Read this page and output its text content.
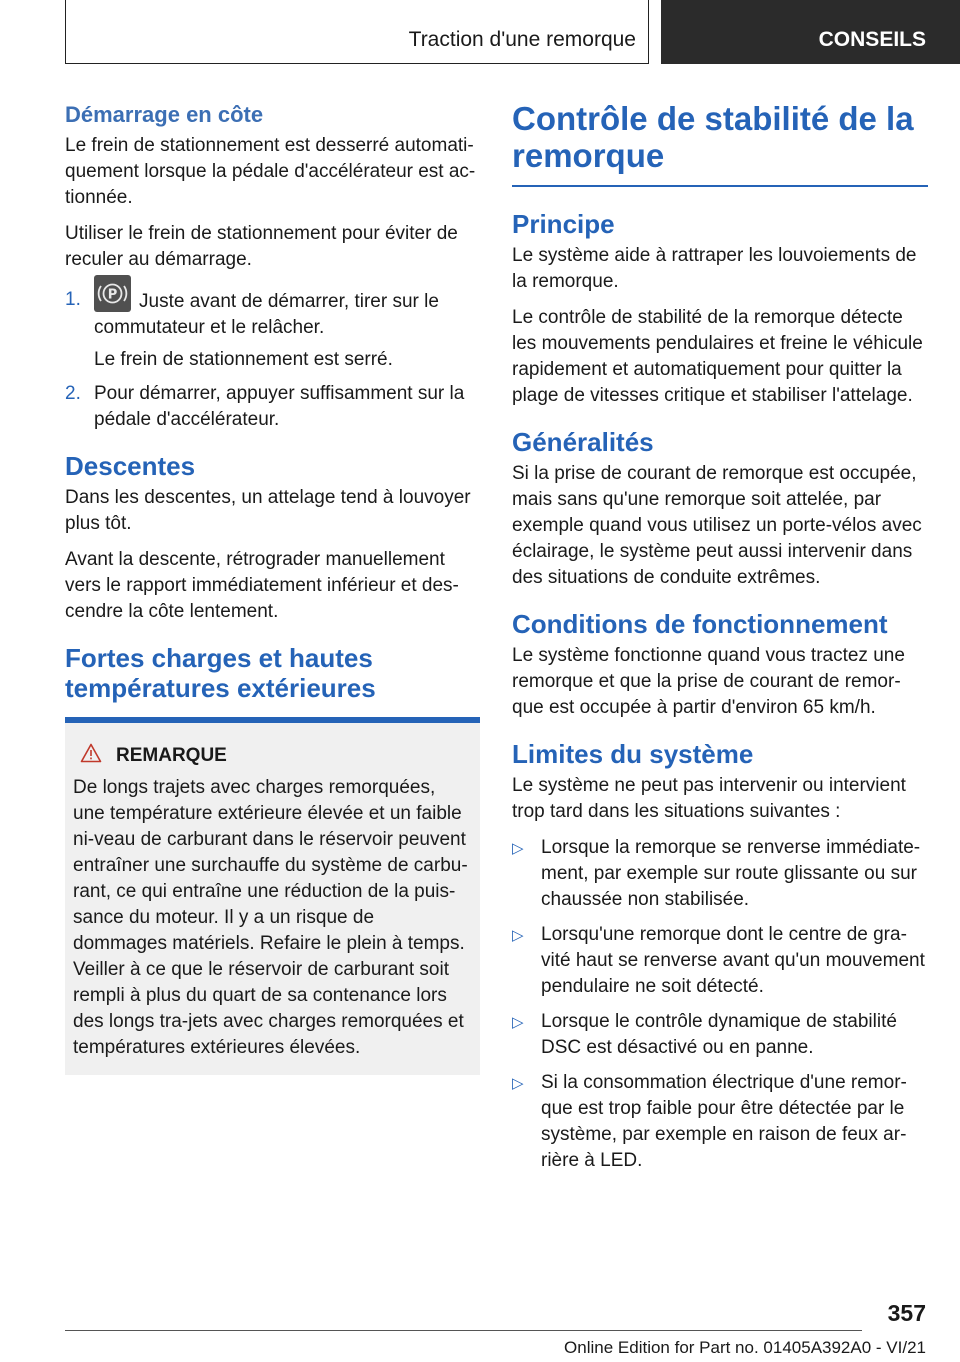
Traction d'une remorque	CONSEILS
Démarrage en côte

Le frein de stationnement est desserré automati-quement lorsque la pédale d'accélérateur est ac-tionnée.

Utiliser le frein de stationnement pour éviter de reculer au démarrage.

1. P Juste avant de démarrer, tirer sur le commutateur et le relâcher.

Le frein de stationnement est serré.

2. Pour démarrer, appuyer suffisamment sur la pédale d'accélérateur.

Descentes

Dans les descentes, un attelage tend à louvoyer plus tôt.

Avant la descente, rétrograder manuellement vers le rapport immédiatement inférieur et des-cendre la côte lentement.

Fortes charges et hautes températures extérieures
REMARQUE

De longs trajets avec charges remorquées, une température extérieure élevée et un faible ni-veau de carburant dans le réservoir peuvent entraîner une surchauffe du système de carbu-rant, ce qui entraîne une réduction de la puis-sance du moteur. Il y a un risque de dommages matériels. Refaire le plein à temps. Veiller à ce que le réservoir de carburant soit rempli à plus du quart de sa contenance lors des longs tra-jets avec charges remorquées et températures extérieures élevées.

Contrôle de stabilité de la remorque
Principe

Le système aide à rattraper les louvoiements de la remorque.

Le contrôle de stabilité de la remorque détecte les mouvements pendulaires et freine le véhicule rapidement et automatiquement pour quitter la plage de vitesses critique et stabiliser l'attelage.

Généralités

Si la prise de courant de remorque est occupée, mais sans qu'une remorque soit attelée, par exemple quand vous utilisez un porte-vélos avec éclairage, le système peut aussi intervenir dans des situations de conduite extrêmes.

Conditions de fonctionnement

Le système fonctionne quand vous tractez une remorque et que la prise de courant de remor-que est occupée à partir d'environ 65 km/h.

Limites du système

Le système ne peut pas intervenir ou intervient trop tard dans les situations suivantes :

▷ Lorsque la remorque se renverse immédiate-ment, par exemple sur route glissante ou sur chaussée non stabilisée.

▷ Lorsqu'une remorque dont le centre de gra-vité haut se renverse avant qu'un mouvement pendulaire ne soit détecté.

▷ Lorsque le contrôle dynamique de stabilité DSC est désactivé ou en panne.

▷ Si la consommation électrique d'une remor-que est trop faible pour être détectée par le système, par exemple en raison de feux ar-rière à LED.

357
Online Edition for Part no. 01405A392A0 - VI/21
